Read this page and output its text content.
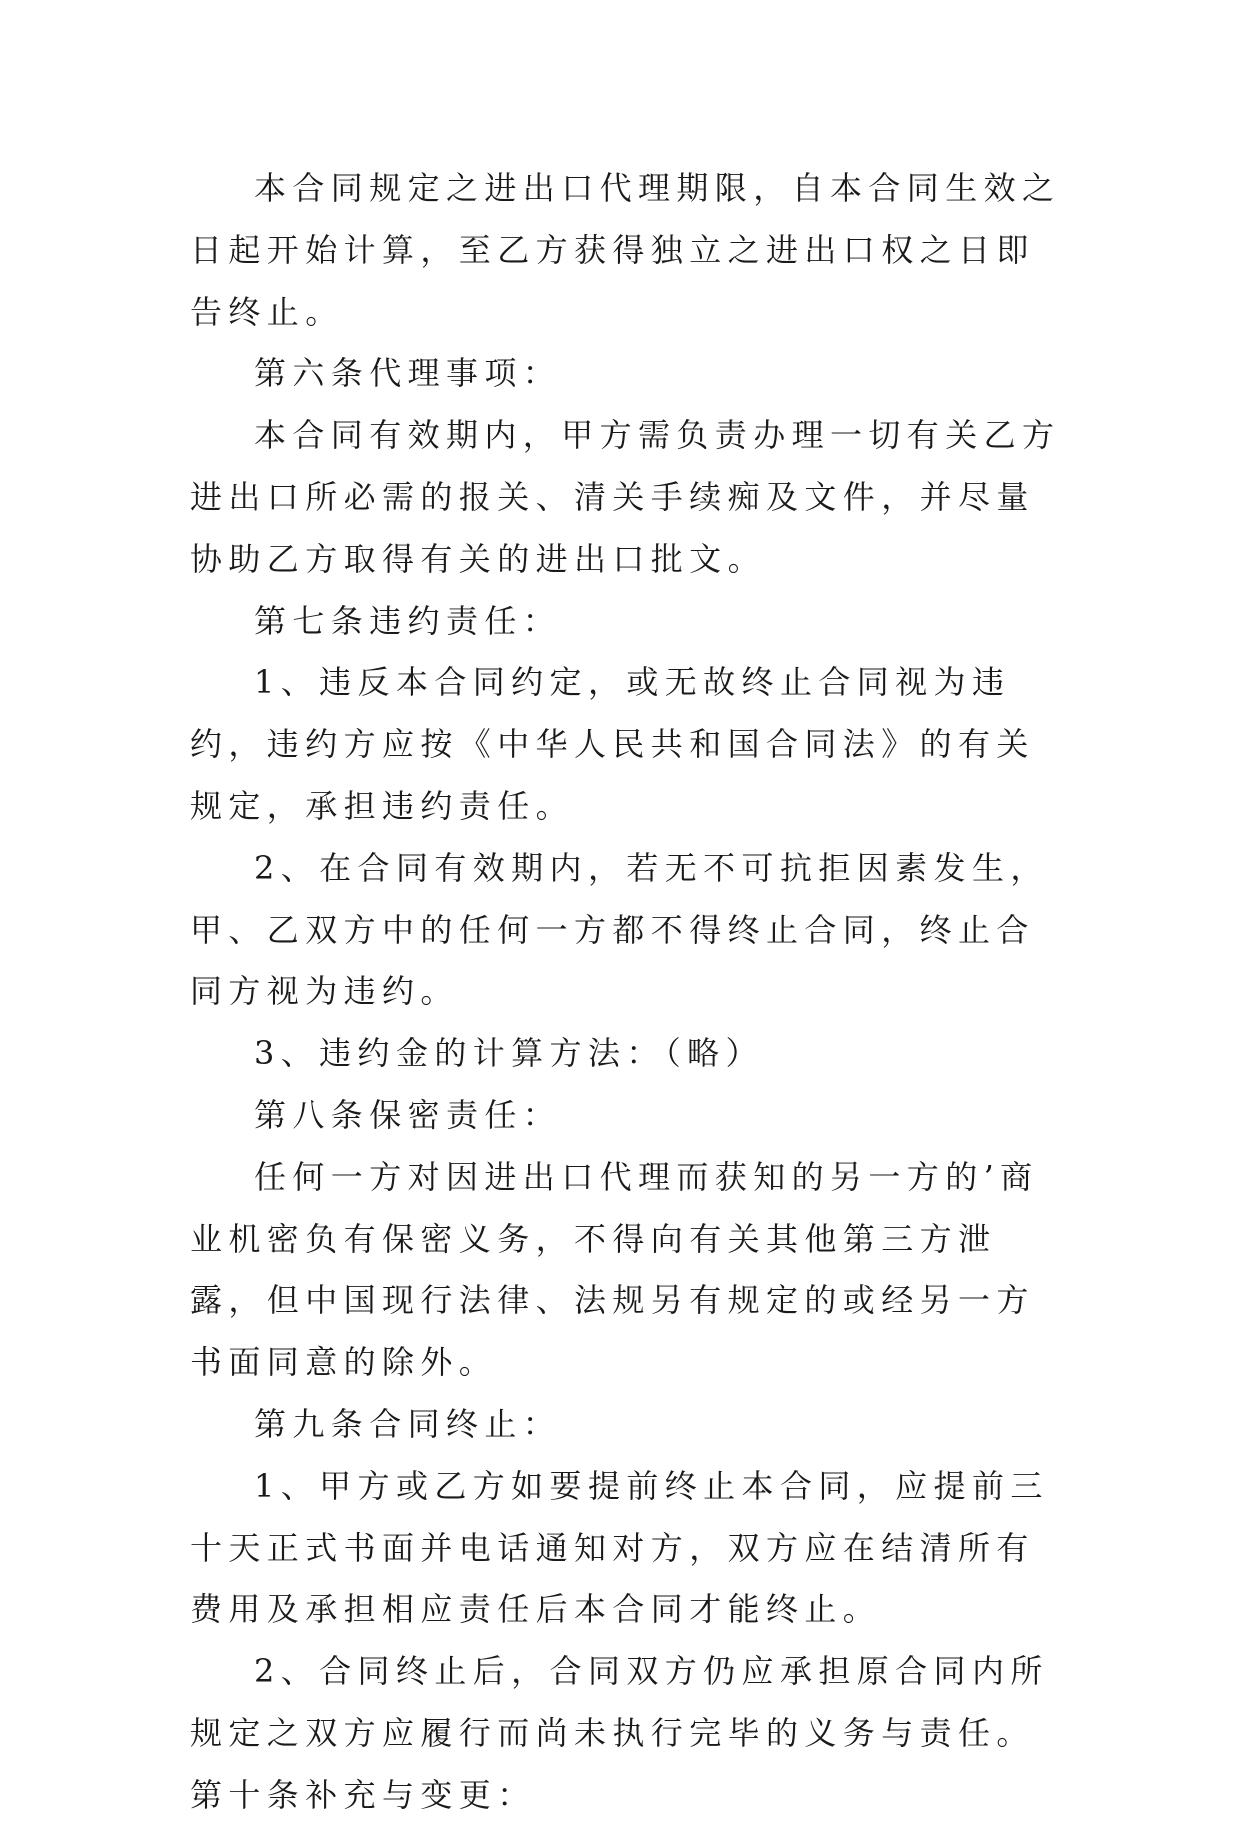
本合同规定之进出口代理期限，自本合同生效之日起开始计算，至乙方获得独立之进出口权之日即告终止。

第六条代理事项：

本合同有效期内，甲方需负责办理一切有关乙方进出口所必需的报关、清关手续痴及文件，并尽量协助乙方取得有关的进出口批文。

第七条违约责任：

1、违反本合同约定，或无故终止合同视为违约，违约方应按《中华人民共和国合同法》的有关规定，承担违约责任。

2、在合同有效期内，若无不可抗拒因素发生，甲、乙双方中的任何一方都不得终止合同，终止合同方视为违约。

3、违约金的计算方法：（略）

第八条保密责任：

任何一方对因进出口代理而获知的另一方的’商业机密负有保密义务，不得向有关其他第三方泄露，但中国现行法律、法规另有规定的或经另一方书面同意的除外。

第九条合同终止：

1、甲方或乙方如要提前终止本合同，应提前三十天正式书面并电话通知对方，双方应在结清所有费用及承担相应责任后本合同才能终止。

2、合同终止后，合同双方仍应承担原合同内所规定之双方应履行而尚未执行完毕的义务与责任。第十条补充与变更：
